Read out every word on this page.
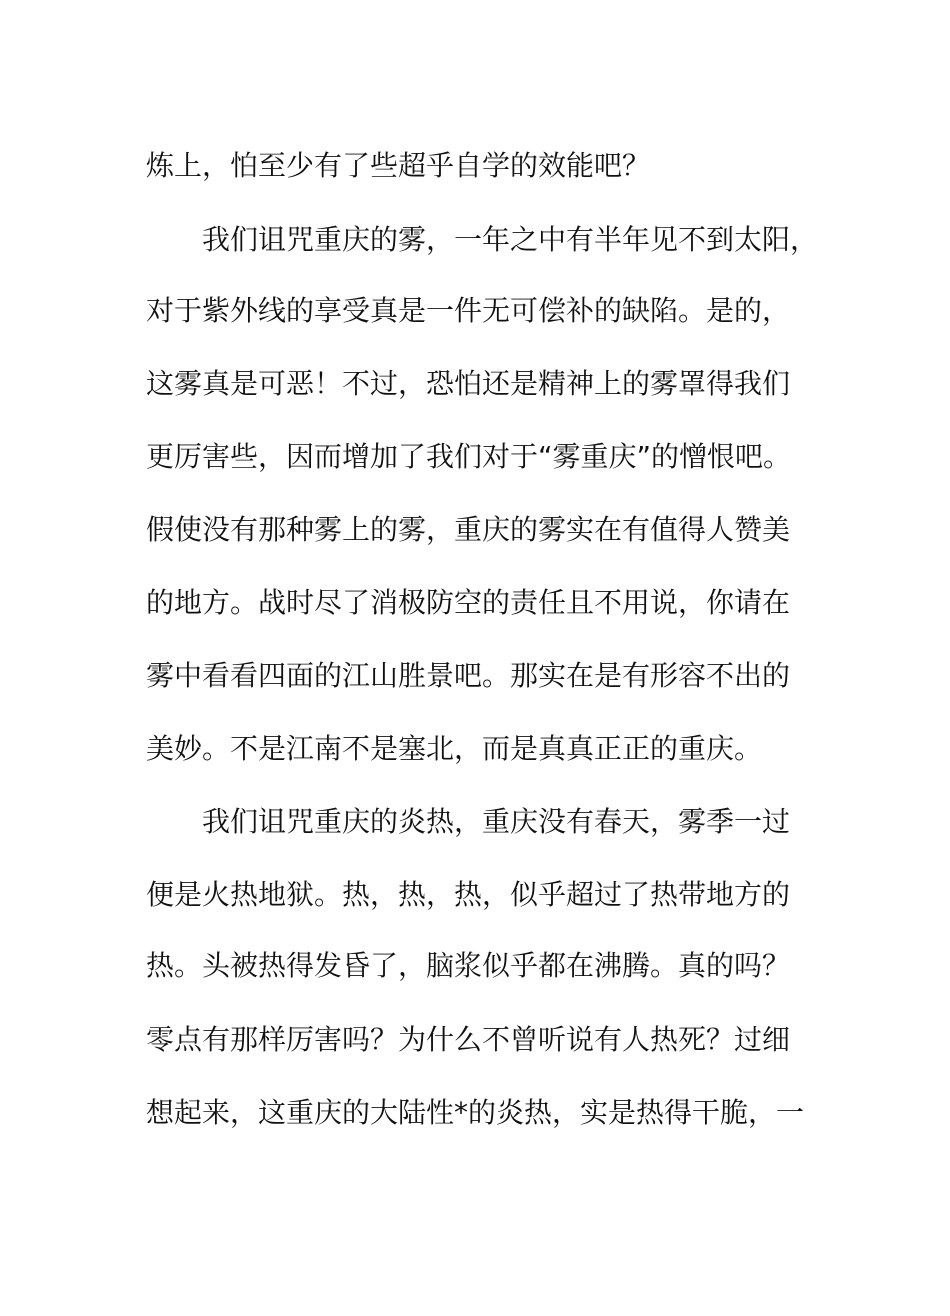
炼上，怕至少有了些超乎自学的效能吧？
我们诅咒重庆的雾，一年之中有半年见不到太阳，
对于紫外线的享受真是一件无可偿补的缺陷。是的，
这雾真是可恶！不过，恐怕还是精神上的雾罩得我们
更厉害些，因而增加了我们对于“雾重庆”的憎恨吧。
假使没有那种雾上的雾，重庆的雾实在有值得人赞美
的地方。战时尽了消极防空的责任且不用说，你请在
雾中看看四面的江山胜景吧。那实在是有形容不出的
美妙。不是江南不是塞北，而是真真正正的重庆。
我们诅咒重庆的炎热，重庆没有春天，雾季一过
便是火热地狱。热，热，热，似乎超过了热带地方的
热。头被热得发昏了，脑浆似乎都在沸腾。真的吗？
零点有那样厉害吗？为什么不曾听说有人热死？过细
想起来，这重庆的大陆性*的炎热，实是热得干脆，一
